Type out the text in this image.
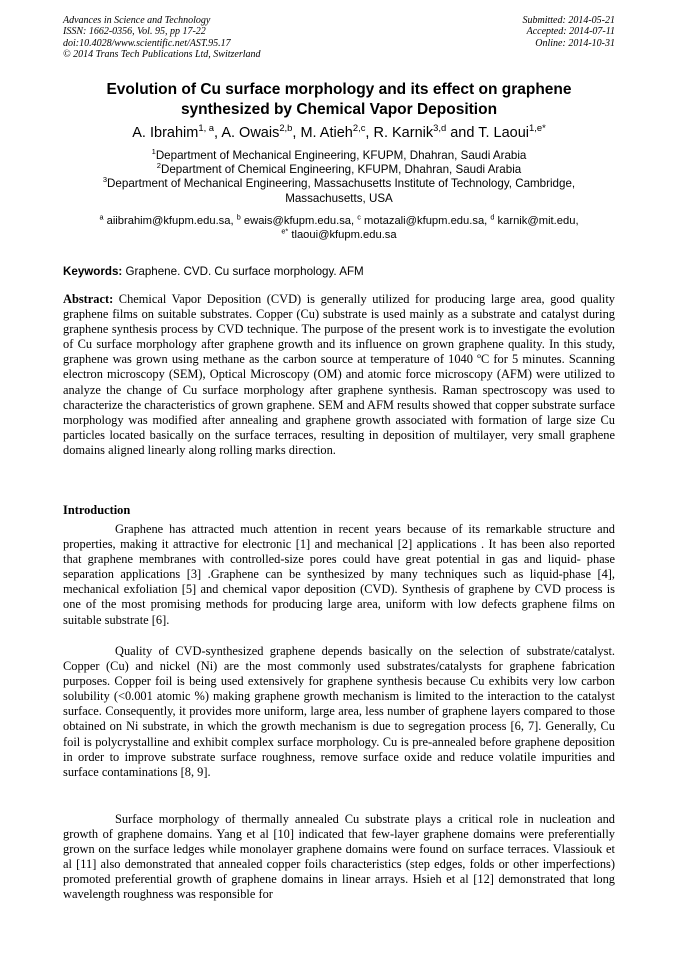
Advances in Science and Technology
ISSN: 1662-0356, Vol. 95, pp 17-22
doi:10.4028/www.scientific.net/AST.95.17
© 2014 Trans Tech Publications Ltd, Switzerland
Submitted: 2014-05-21
Accepted: 2014-07-11
Online: 2014-10-31
Evolution of Cu surface morphology and its effect on graphene
synthesized by Chemical Vapor Deposition
A. Ibrahim$^{1, a}$, A. Owais$^{2,b}$, M. Atieh$^{2,c}$, R. Karnik$^{3,d}$ and T. Laoui$^{1,e*}$
$^1$Department of Mechanical Engineering, KFUPM, Dhahran, Saudi Arabia
$^2$Department of Chemical Engineering, KFUPM, Dhahran, Saudi Arabia
$^3$Department of Mechanical Engineering, Massachusetts Institute of Technology, Cambridge,
Massachusetts, USA
$^a$ aiibrahim@kfupm.edu.sa, $^b$ ewais@kfupm.edu.sa, $^c$ motazali@kfupm.edu.sa, $^d$ karnik@mit.edu,
$^{e*}$ tlaoui@kfupm.edu.sa
Keywords: Graphene. CVD. Cu surface morphology. AFM

Abstract: Chemical Vapor Deposition (CVD) is generally utilized for producing large area, good quality graphene films on suitable substrates. Copper (Cu) substrate is used mainly as a substrate and catalyst during graphene synthesis process by CVD technique. The purpose of the present work is to investigate the evolution of Cu surface morphology after graphene growth and its influence on grown graphene quality. In this study, graphene was grown using methane as the carbon source at temperature of 1040 ºC for 5 minutes. Scanning electron microscopy (SEM), Optical Microscopy (OM) and atomic force microscopy (AFM) were utilized to analyze the change of Cu surface morphology after graphene synthesis. Raman spectroscopy was used to characterize the characteristics of grown graphene. SEM and AFM results showed that copper substrate surface morphology was modified after annealing and graphene growth associated with formation of large size Cu particles located basically on the surface terraces, resulting in deposition of multilayer, very small graphene domains aligned linearly along rolling marks direction.

Introduction

Graphene has attracted much attention in recent years because of its remarkable structure and properties, making it attractive for electronic [1] and mechanical [2] applications . It has been also reported that graphene membranes with controlled-size pores could have great potential in gas and liquid- phase separation applications [3] .Graphene can be synthesized by many techniques such as liquid-phase [4], mechanical exfoliation [5] and chemical vapor deposition (CVD). Synthesis of graphene by CVD process is one of the most promising methods for producing large area, uniform with low defects graphene films on suitable substrate [6].

Quality of CVD-synthesized graphene depends basically on the selection of substrate/catalyst. Copper (Cu) and nickel (Ni) are the most commonly used substrates/catalysts for graphene fabrication purposes. Copper foil is being used extensively for graphene synthesis because Cu exhibits very low carbon solubility (<0.001 atomic %) making graphene growth mechanism is limited to the interaction to the catalyst surface. Consequently, it provides more uniform, large area, less number of graphene layers compared to those obtained on Ni substrate, in which the growth mechanism is due to segregation process [6, 7]. Generally, Cu foil is polycrystalline and exhibit complex surface morphology. Cu is pre-annealed before graphene deposition in order to improve substrate surface roughness, remove surface oxide and reduce volatile impurities and surface contaminations [8, 9].

Surface morphology of thermally annealed Cu substrate plays a critical role in nucleation and growth of graphene domains. Yang et al [10] indicated that few-layer graphene domains were preferentially grown on the surface ledges while monolayer graphene domains were found on surface terraces. Vlassiouk et al [11] also demonstrated that annealed copper foils characteristics (step edges, folds or other imperfections) promoted preferential growth of graphene domains in linear arrays. Hsieh et al [12] demonstrated that long wavelength roughness was responsible for
